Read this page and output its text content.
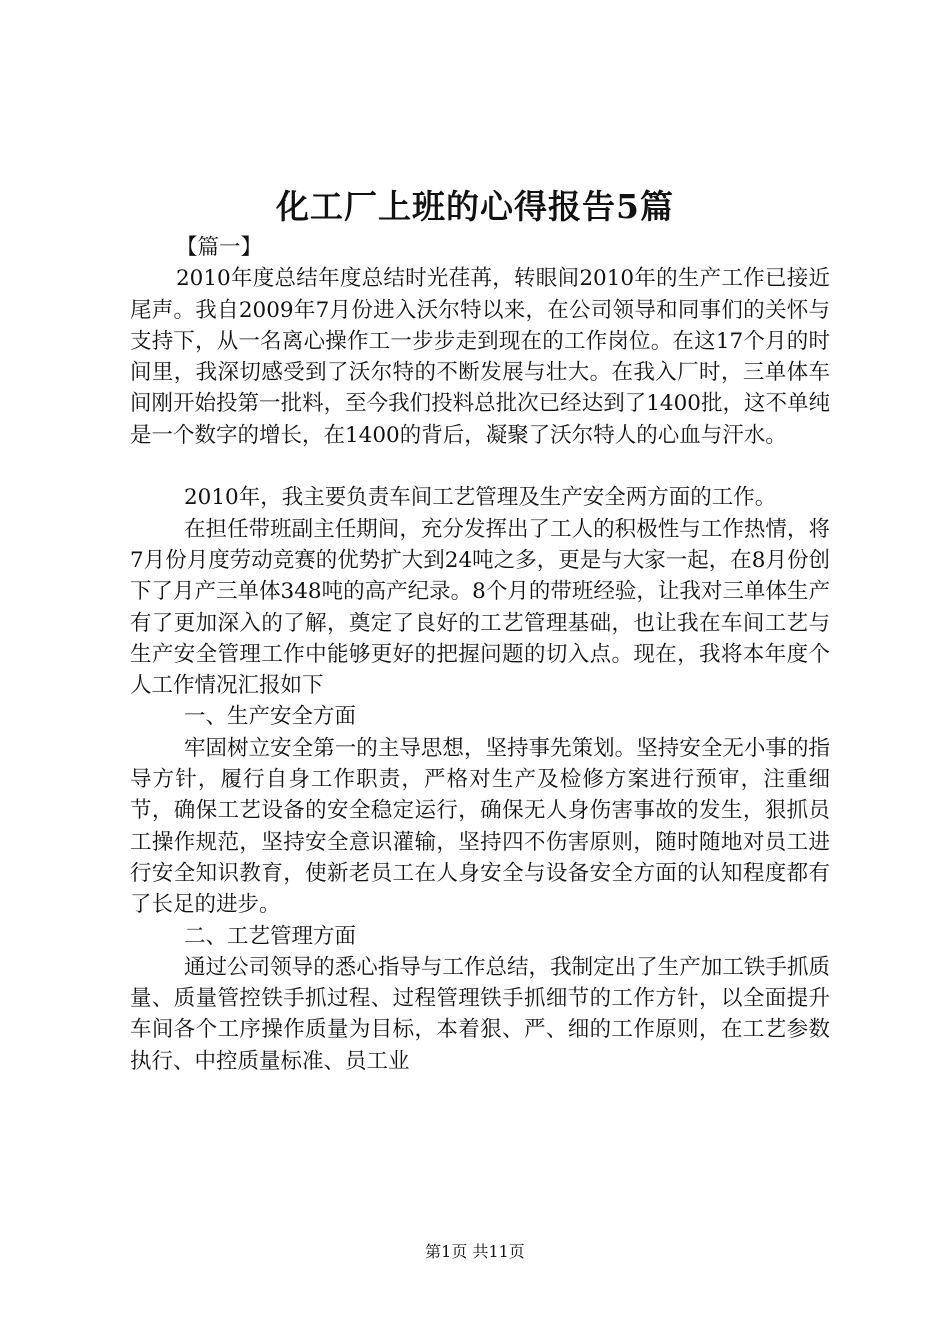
化工厂上班的心得报告5篇

【篇一】

2010年度总结年度总结时光荏苒，转眼间2010年的生产工作已接近尾声。我自2009年7月份进入沃尔特以来，在公司领导和同事们的关怀与支持下，从一名离心操作工一步步走到现在的工作岗位。在这17个月的时间里，我深切感受到了沃尔特的不断发展与壮大。在我入厂时，三单体车间刚开始投第一批料，至今我们投料总批次已经达到了1400批，这不单纯是一个数字的增长，在1400的背后，凝聚了沃尔特人的心血与汗水。

2010年，我主要负责车间工艺管理及生产安全两方面的工作。

在担任带班副主任期间，充分发挥出了工人的积极性与工作热情，将7月份月度劳动竞赛的优势扩大到24吨之多，更是与大家一起，在8月份创下了月产三单体348吨的高产纪录。8个月的带班经验，让我对三单体生产有了更加深入的了解，奠定了良好的工艺管理基础，也让我在车间工艺与生产安全管理工作中能够更好的把握问题的切入点。现在，我将本年度个人工作情况汇报如下

一、生产安全方面

牢固树立安全第一的主导思想，坚持事先策划。坚持安全无小事的指导方针，履行自身工作职责，严格对生产及检修方案进行预审，注重细节，确保工艺设备的安全稳定运行，确保无人身伤害事故的发生，狠抓员工操作规范，坚持安全意识灌输，坚持四不伤害原则，随时随地对员工进行安全知识教育，使新老员工在人身安全与设备安全方面的认知程度都有了长足的进步。

二、工艺管理方面

通过公司领导的悉心指导与工作总结，我制定出了生产加工铁手抓质量、质量管控铁手抓过程、过程管理铁手抓细节的工作方针，以全面提升车间各个工序操作质量为目标，本着狠、严、细的工作原则，在工艺参数执行、中控质量标准、员工业

第1页 共11页
